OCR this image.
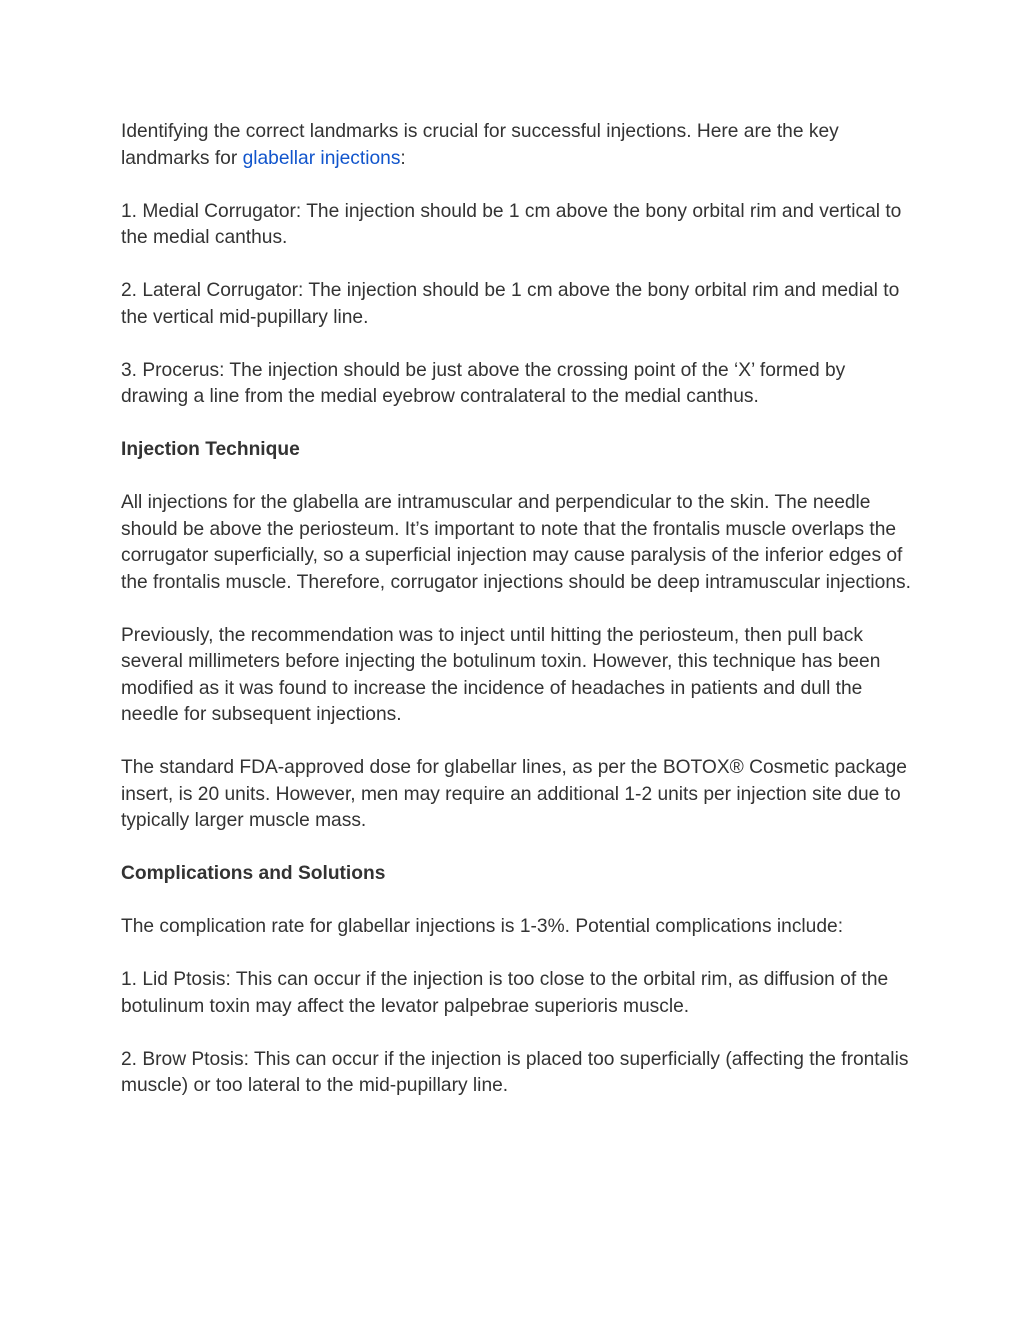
Identifying the correct landmarks is crucial for successful injections. Here are the key landmarks for glabellar injections:

1. Medial Corrugator: The injection should be 1 cm above the bony orbital rim and vertical to the medial canthus.

2. Lateral Corrugator: The injection should be 1 cm above the bony orbital rim and medial to the vertical mid-pupillary line.

3. Procerus: The injection should be just above the crossing point of the ‘X’ formed by drawing a line from the medial eyebrow contralateral to the medial canthus.

Injection Technique

All injections for the glabella are intramuscular and perpendicular to the skin. The needle should be above the periosteum. It’s important to note that the frontalis muscle overlaps the corrugator superficially, so a superficial injection may cause paralysis of the inferior edges of the frontalis muscle. Therefore, corrugator injections should be deep intramuscular injections.

Previously, the recommendation was to inject until hitting the periosteum, then pull back several millimeters before injecting the botulinum toxin. However, this technique has been modified as it was found to increase the incidence of headaches in patients and dull the needle for subsequent injections.

The standard FDA-approved dose for glabellar lines, as per the BOTOX® Cosmetic package insert, is 20 units. However, men may require an additional 1-2 units per injection site due to typically larger muscle mass.

Complications and Solutions

The complication rate for glabellar injections is 1-3%. Potential complications include:

1. Lid Ptosis: This can occur if the injection is too close to the orbital rim, as diffusion of the botulinum toxin may affect the levator palpebrae superioris muscle.

2. Brow Ptosis: This can occur if the injection is placed too superficially (affecting the frontalis muscle) or too lateral to the mid-pupillary line.
